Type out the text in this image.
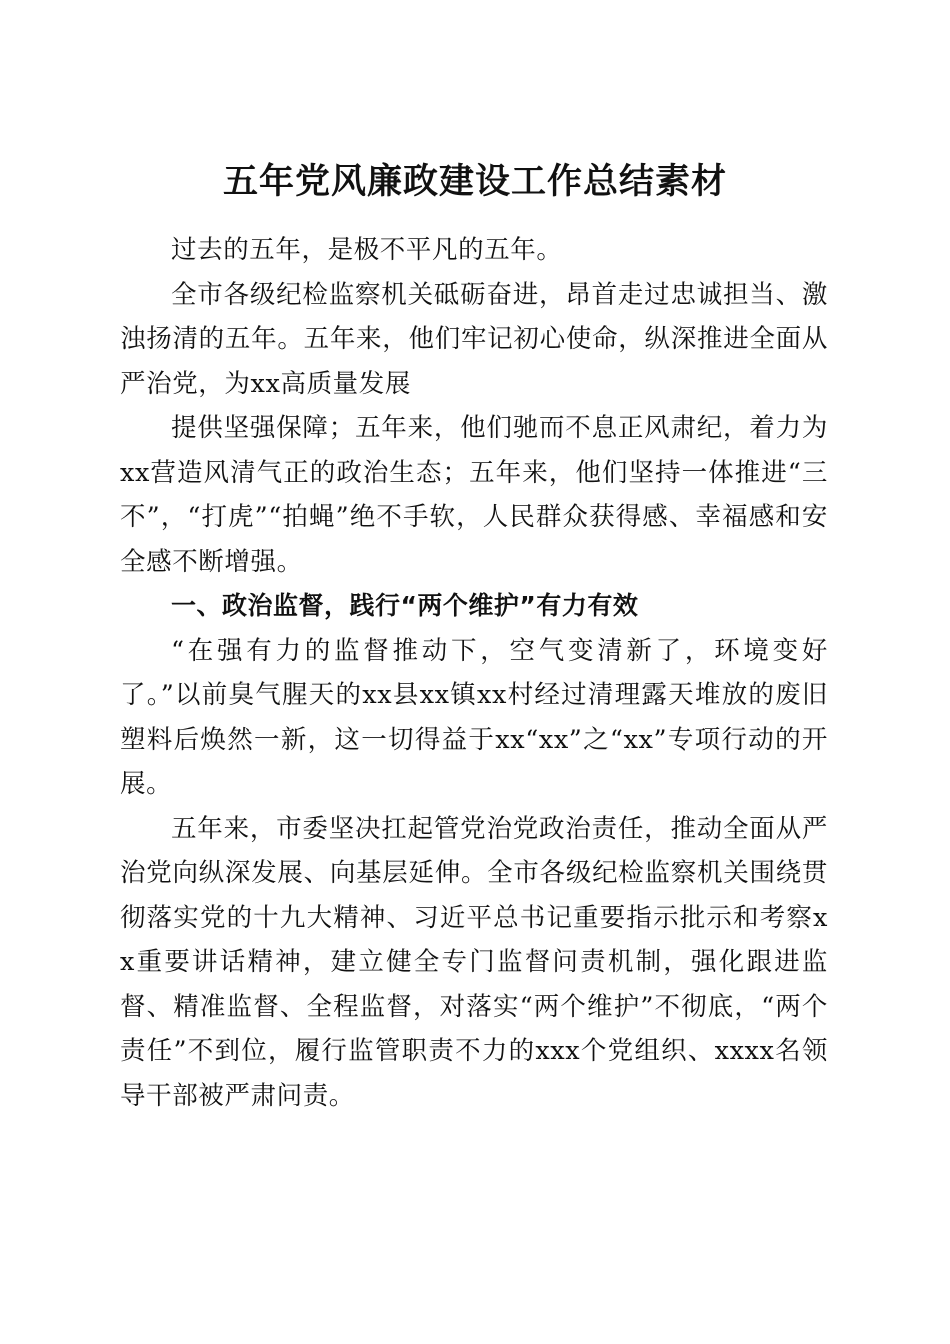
五年党风廉政建设工作总结素材

过去的五年，是极不平凡的五年。

全市各级纪检监察机关砥砺奋进，昂首走过忠诚担当、激浊扬清的五年。五年来，他们牢记初心使命，纵深推进全面从严治党，为xx高质量发展

提供坚强保障；五年来，他们驰而不息正风肃纪，着力为xx营造风清气正的政治生态；五年来，他们坚持一体推进“三不”，“打虎”“拍蝇”绝不手软，人民群众获得感、幸福感和安全感不断增强。

一、政治监督，践行“两个维护”有力有效

“在强有力的监督推动下，空气变清新了，环境变好了。”以前臭气腥天的xx县xx镇xx村经过清理露天堆放的废旧塑料后焕然一新，这一切得益于xx“xx”之“xx”专项行动的开展。

五年来，市委坚决扛起管党治党政治责任，推动全面从严治党向纵深发展、向基层延伸。全市各级纪检监察机关围绕贯彻落实党的十九大精神、习近平总书记重要指示批示和考察xx重要讲话精神，建立健全专门监督问责机制，强化跟进监督、精准监督、全程监督，对落实“两个维护”不彻底，“两个责任”不到位，履行监管职责不力的xxx个党组织、xxxx名领导干部被严肃问责。
